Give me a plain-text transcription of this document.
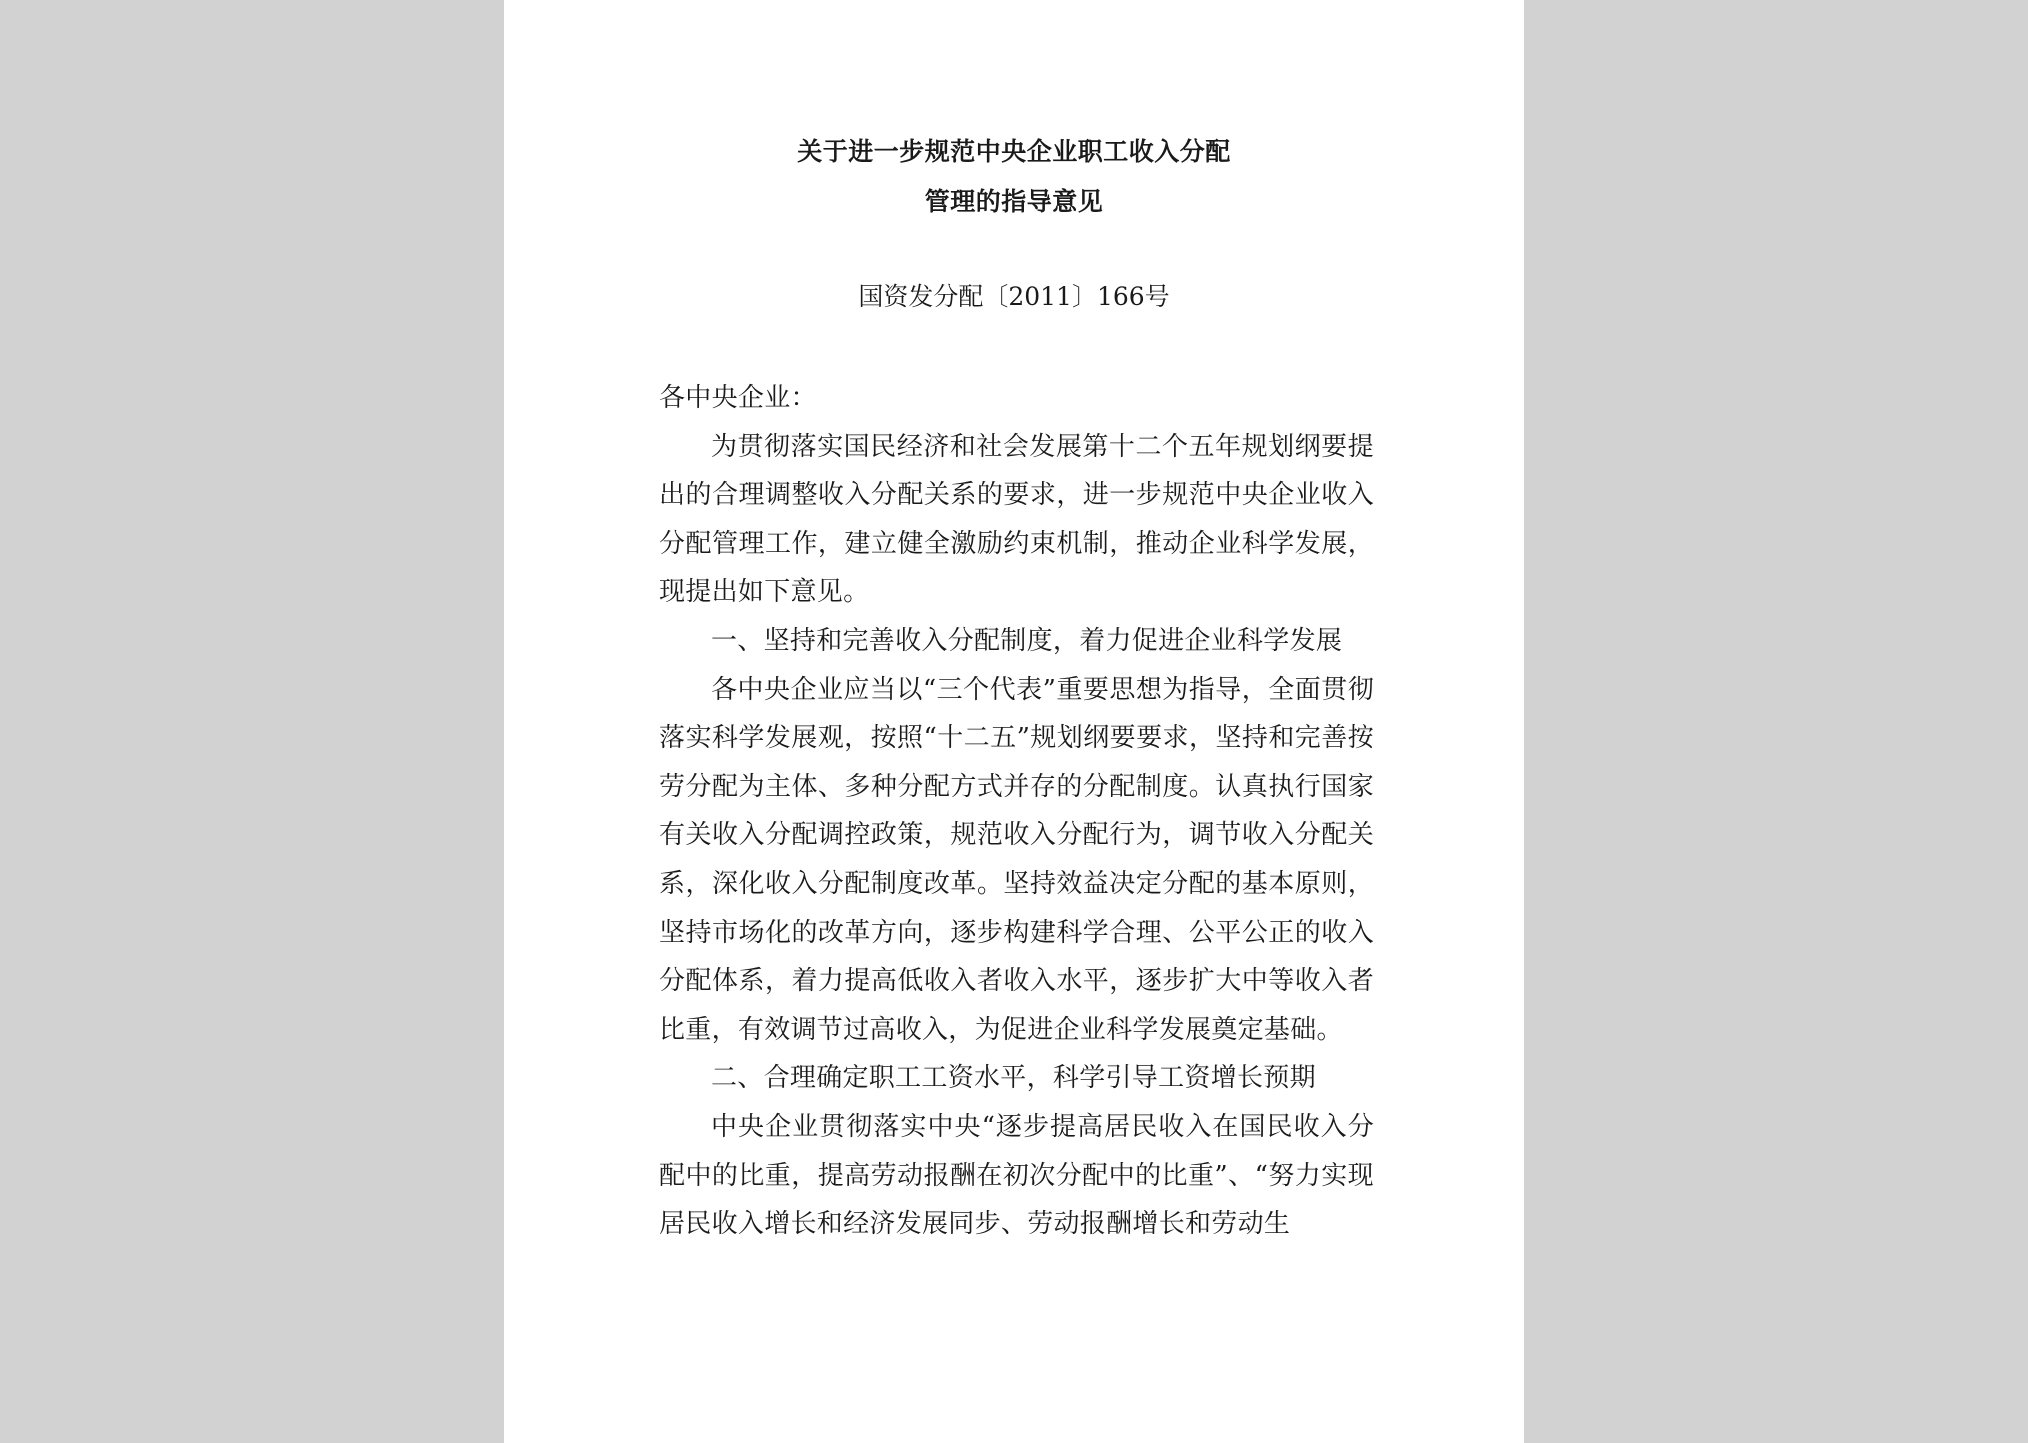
关于进一步规范中央企业职工收入分配
管理的指导意见
国资发分配〔2011〕166号

各中央企业：

为贯彻落实国民经济和社会发展第十二个五年规划纲要提出的合理调整收入分配关系的要求，进一步规范中央企业收入分配管理工作，建立健全激励约束机制，推动企业科学发展，现提出如下意见。

一、坚持和完善收入分配制度，着力促进企业科学发展

各中央企业应当以“三个代表”重要思想为指导，全面贯彻落实科学发展观，按照“十二五”规划纲要要求，坚持和完善按劳分配为主体、多种分配方式并存的分配制度。认真执行国家有关收入分配调控政策，规范收入分配行为，调节收入分配关系，深化收入分配制度改革。坚持效益决定分配的基本原则，坚持市场化的改革方向，逐步构建科学合理、公平公正的收入分配体系，着力提高低收入者收入水平，逐步扩大中等收入者比重，有效调节过高收入，为促进企业科学发展奠定基础。

二、合理确定职工工资水平，科学引导工资增长预期

中央企业贯彻落实中央“逐步提高居民收入在国民收入分配中的比重，提高劳动报酬在初次分配中的比重”、“努力实现居民收入增长和经济发展同步、劳动报酬增长和劳动生
